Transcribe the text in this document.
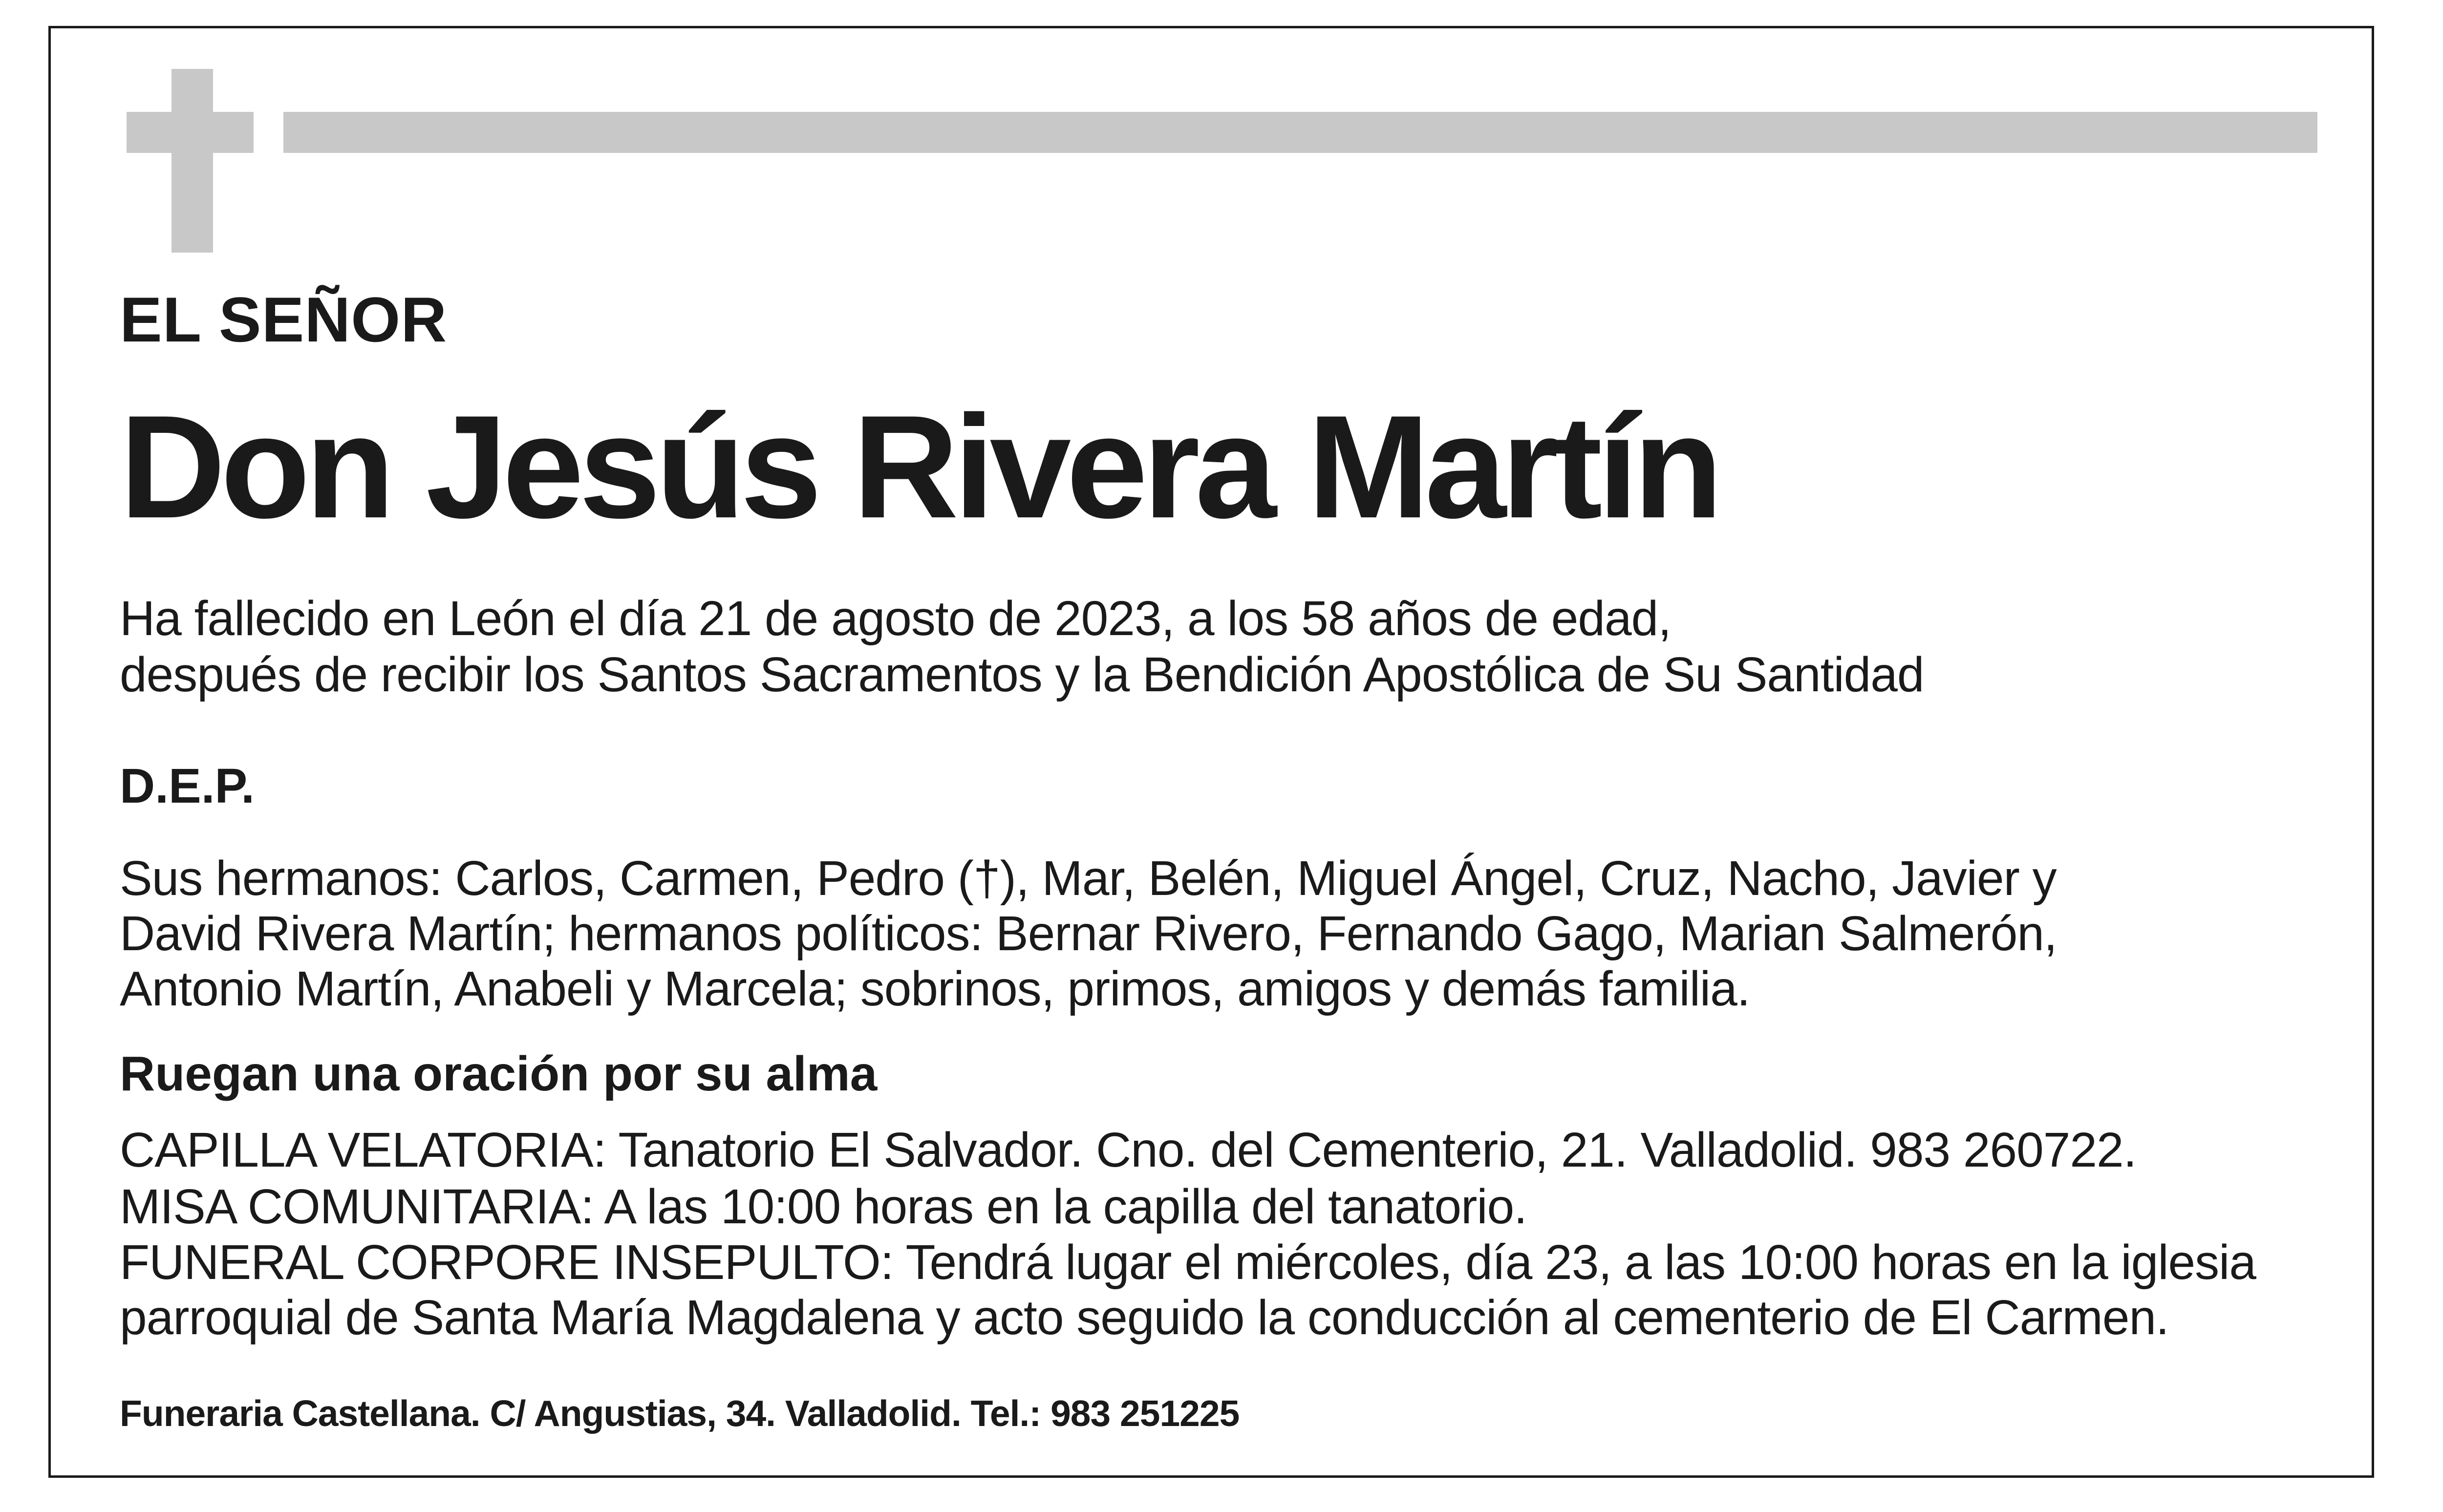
EL SEÑOR

Don Jesús Rivera Martín

Ha fallecido en León el día 21 de agosto de 2023, a los 58 años de edad,

después de recibir los Santos Sacramentos y la Bendición Apostólica de Su Santidad

D.E.P.

Sus hermanos: Carlos, Carmen, Pedro (†), Mar, Belén, Miguel Ángel, Cruz, Nacho, Javier y

David Rivera Martín; hermanos políticos: Bernar Rivero, Fernando Gago, Marian Salmerón,

Antonio Martín, Anabeli y Marcela; sobrinos, primos, amigos y demás familia.

Ruegan una oración por su alma

CAPILLA VELATORIA: Tanatorio El Salvador. Cno. del Cementerio, 21. Valladolid. 983 260722.

MISA COMUNITARIA: A las 10:00 horas en la capilla del tanatorio.

FUNERAL CORPORE INSEPULTO: Tendrá lugar el miércoles, día 23, a las 10:00 horas en la iglesia

parroquial de Santa María Magdalena y acto seguido la conducción al cementerio de El Carmen.

Funeraria Castellana. C/ Angustias, 34. Valladolid. Tel.: 983 251225
